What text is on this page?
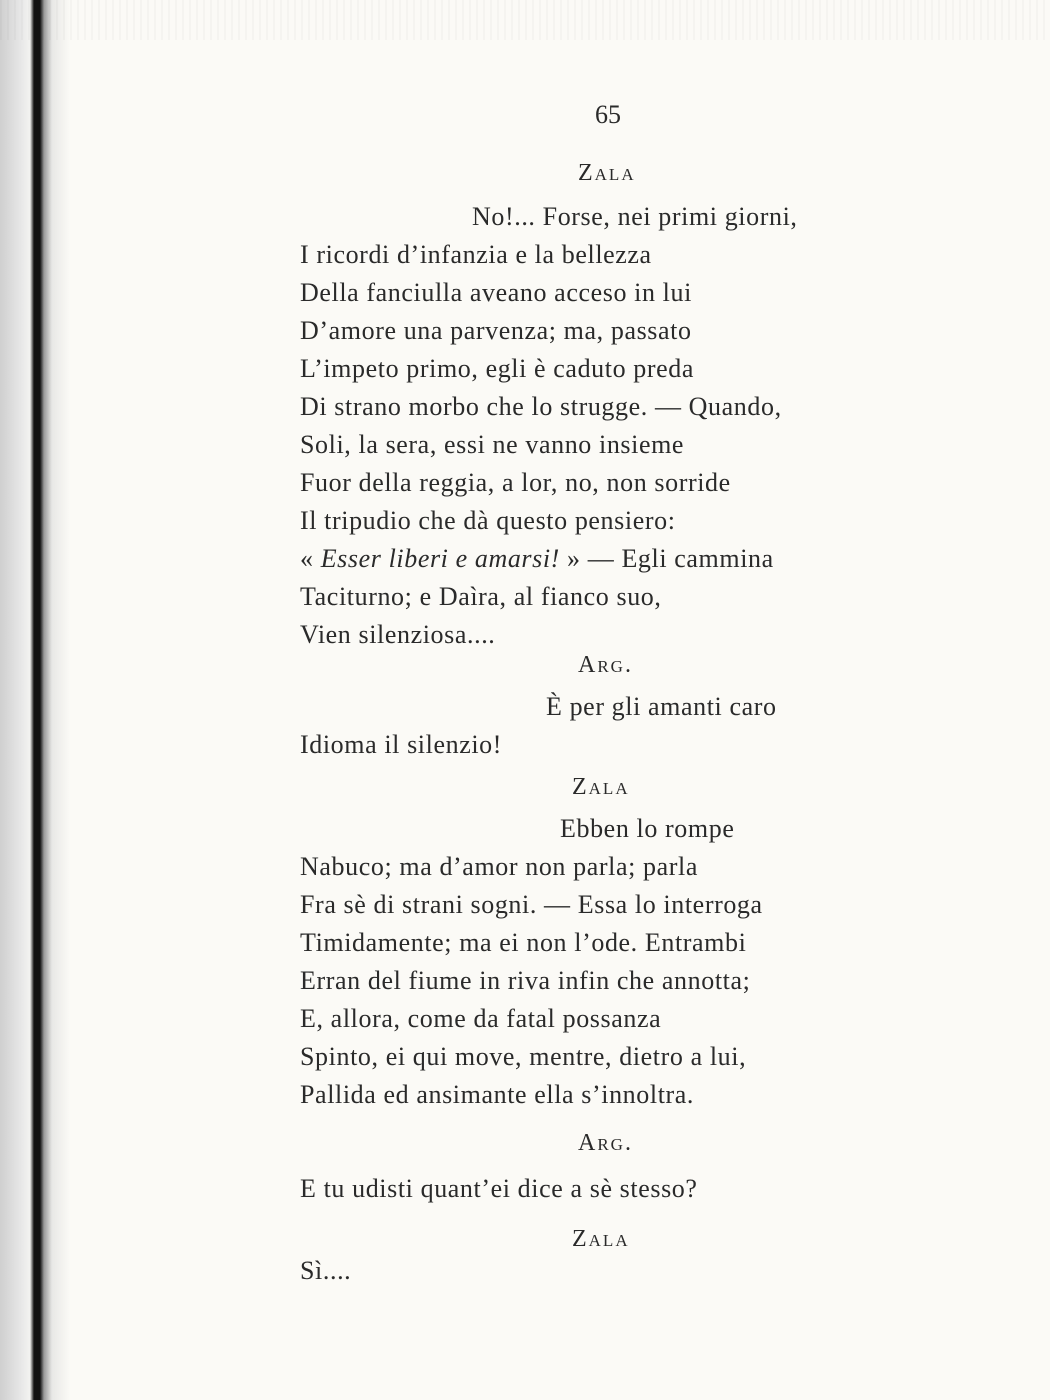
65
Zala
No!... Forse, nei primi giorni,
I ricordi d’infanzia e la bellezza
Della fanciulla aveano acceso in lui
D’amore una parvenza; ma, passato
L’impeto primo, egli è caduto preda
Di strano morbo che lo strugge. — Quando,
Soli, la sera, essi ne vanno insieme
Fuor della reggia, a lor, no, non sorride
Il tripudio che dà questo pensiero:
« Esser liberi e amarsi! » — Egli cammina
Taciturno; e Daìra, al fianco suo,
Vien silenziosa....
Arg.
È per gli amanti caro
Idioma il silenzio!
Zala
Ebben lo rompe
Nabuco; ma d’amor non parla; parla
Fra sè di strani sogni. — Essa lo interroga
Timidamente; ma ei non l’ode. Entrambi
Erran del fiume in riva infin che annotta;
E, allora, come da fatal possanza
Spinto, ei qui move, mentre, dietro a lui,
Pallida ed ansimante ella s’innoltra.
Arg.
E tu udisti quant’ei dice a sè stesso?
Zala
Sì....
